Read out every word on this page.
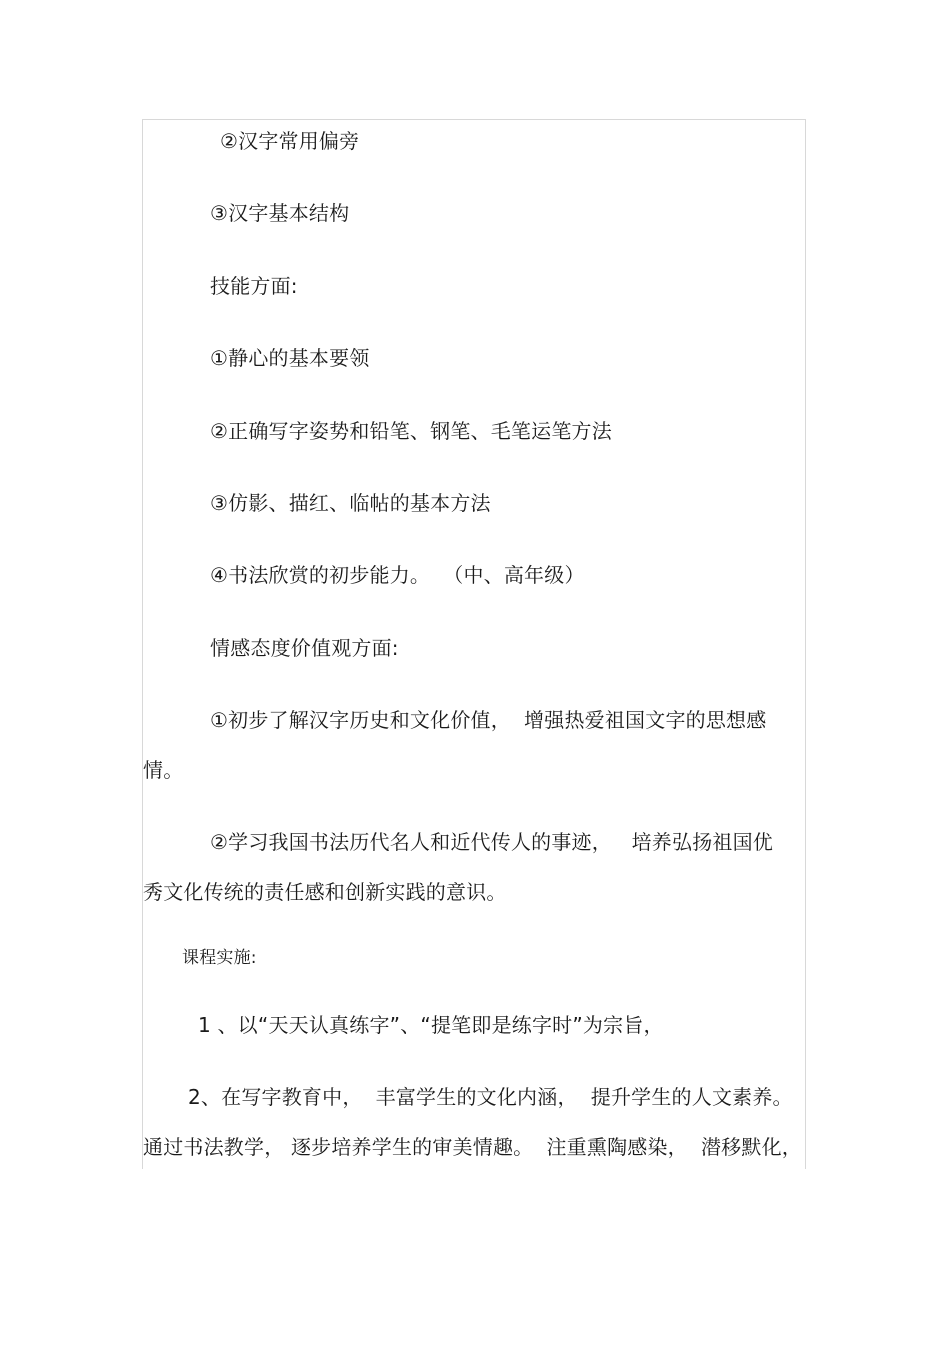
②汉字常用偏旁
③汉字基本结构
技能方面:
①静心的基本要领
②正确写字姿势和铅笔、钢笔、毛笔运笔方法
③仿影、描红、临帖的基本方法
④书法欣赏的初步能力。  （中、高年级）
情感态度价值观方面:
①初步了解汉字历史和文化价值，  增强热爱祖国文字的思想感
情。
②学习我国书法历代名人和近代传人的事迹，   培养弘扬祖国优
秀文化传统的责任感和创新实践的意识。
课程实施:
1 、以“天天认真练字”、“提笔即是练字时”为宗旨，
2、在写字教育中，  丰富学生的文化内涵，  提升学生的人文素养。
通过书法教学， 逐步培养学生的审美情趣。  注重熏陶感染，  潜移默化，
